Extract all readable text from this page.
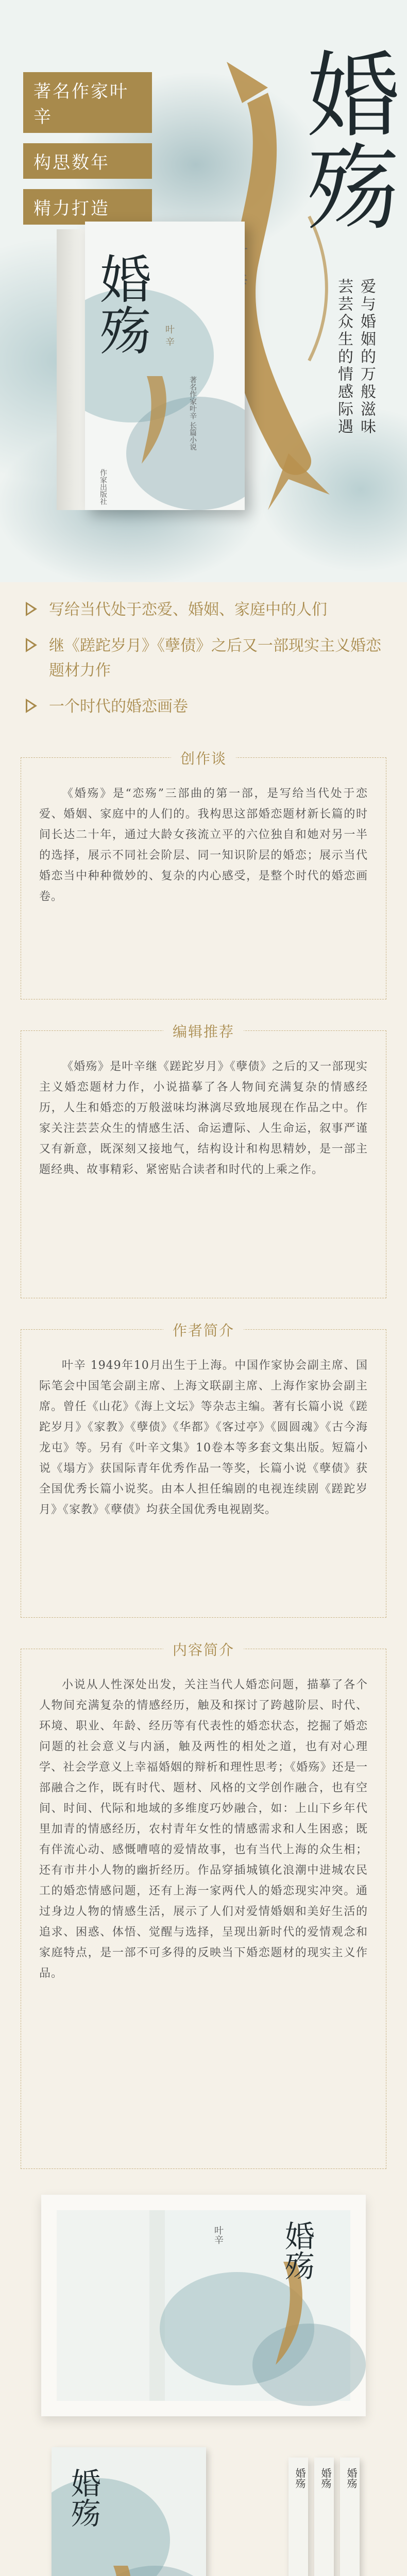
著名作家叶辛
构思数年
精力打造	婚殇
爱与婚姻的万般滋味 芸芸众生的情感际遇
婚殇 叶 辛
著名作家叶辛 长篇小说
作家出版社
写给当代处于恋爱、婚姻、家庭中的人们
继《蹉跎岁月》《孽债》之后又一部现实主义婚恋题材力作
一个时代的婚恋画卷
创作谈
《婚殇》是“恋殇”三部曲的第一部，是写给当代处于恋爱、婚姻、家庭中的人们的。我构思这部婚恋题材新长篇的时间长达二十年，通过大龄女孩流立平的六位独自和她对另一半的选择，展示不同社会阶层、同一知识阶层的婚恋；展示当代婚恋当中种种微妙的、复杂的内心感受，是整个时代的婚恋画卷。
编辑推荐
《婚殇》是叶辛继《蹉跎岁月》《孽债》之后的又一部现实主义婚恋题材力作，小说描摹了各人物间充满复杂的情感经历，人生和婚恋的万般滋味均淋漓尽致地展现在作品之中。作家关注芸芸众生的情感生活、命运遭际、人生命运，叙事严谨又有新意，既深刻又接地气，结构设计和构思精妙，是一部主题经典、故事精彩、紧密贴合读者和时代的上乘之作。
作者简介
叶辛 1949年10月出生于上海。中国作家协会副主席、国际笔会中国笔会副主席、上海文联副主席、上海作家协会副主席。曾任《山花》《海上文坛》等杂志主编。著有长篇小说《蹉跎岁月》《家教》《孽债》《华都》《客过亭》《圆圆魂》《古今海龙屯》等。另有《叶辛文集》10卷本等多套文集出版。短篇小说《塌方》获国际青年优秀作品一等奖，长篇小说《孽债》获全国优秀长篇小说奖。由本人担任编剧的电视连续剧《蹉跎岁月》《家教》《孽债》均获全国优秀电视剧奖。
内容简介
小说从人性深处出发，关注当代人婚恋问题，描摹了各个人物间充满复杂的情感经历，触及和探讨了跨越阶层、时代、环境、职业、年龄、经历等有代表性的婚恋状态，挖掘了婚恋问题的社会意义与内涵，触及两性的相处之道，也有对心理学、社会学意义上幸福婚姻的辩析和理性思考；《婚殇》还是一部融合之作，既有时代、题材、风格的文学创作融合，也有空间、时间、代际和地域的多维度巧妙融合，如：上山下乡年代里加青的情感经历，农村青年女性的情感需求和人生困惑；既有伴流心动、感慨嘈嘻的爱情故事，也有当代上海的众生相；还有市井小人物的幽折经历。作品穿插城镇化浪潮中进城农民工的婚恋情感问题，还有上海一家两代人的婚恋现实冲突。通过身边人物的情感生活，展示了人们对爱情婚姻和美好生活的追求、困惑、体悟、觉醒与选择，呈现出新时代的爱情观念和家庭特点，是一部不可多得的反映当下婚恋题材的现实主义作品。
婚殇
叶辛
婚殇	婚殇 婚殇 婚殇
